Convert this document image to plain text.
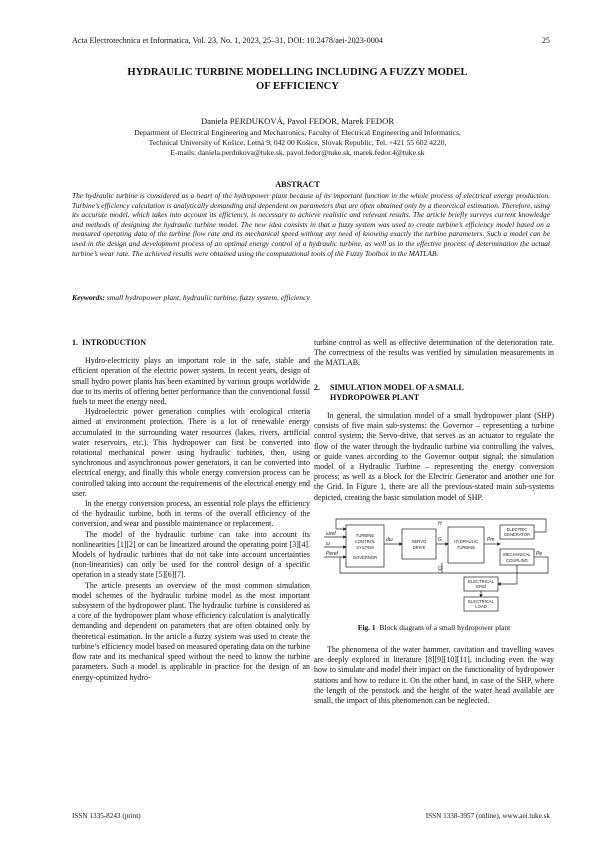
Acta Electrotechnica et Informatica, Vol. 23, No. 1, 2023, 25–31, DOI: 10.2478/aei-2023-0004	25
HYDRAULIC TURBINE MODELLING INCLUDING A FUZZY MODEL
OF EFFICIENCY
Daniela PERDUKOVÁ, Pavol FEDOR, Marek FEDOR
Department of Electrical Engineering and Mechatronics, Faculty of Electrical Engineering and Informatics,
Technical University of Košice, Letná 9, 042 00 Košice, Slovak Republic, Tel. +421 55 602 4220,
E-mails: daniela.perdukova@tuke.sk, pavol.fedor@tuke.sk, marek.fedor.4@tuke.sk
ABSTRACT
The hydraulic turbine is considered as a heart of the hydropower plant because of its important function in the whole process of electrical energy production. Turbine’s efficiency calculation is analytically demanding and dependent on parameters that are often obtained only by a theoretical estimation. Therefore, using its accurate model, which takes into account its efficiency, is necessary to achieve realistic and relevant results. The article briefly surveys current knowledge and methods of designing the hydraulic turbine model. The new idea consists in that a fuzzy system was used to create turbine’s efficiency model based on a measured operating data of the turbine flow rate and its mechanical speed without any need of knowing exactly the turbine parameters. Such a model can be used in the design and development process of an optimal energy control of a hydraulic turbine, as well as in the effective process of determination the actual turbine’s wear rate. The achieved results were obtained using the computational tools of the Fuzzy Toolbox in the MATLAB.
Keywords: small hydropower plant, hydraulic turbine, fuzzy system, efficiency
1. INTRODUCTION

Hydro-electricity plays an important role in the safe, stable and efficient operation of the electric power system. In recent years, design of small hydro power plants has been examined by various groups worldwide due to its merits of offering better performance than the conventional fossil fuels to meet the energy need.

Hydroelectric power generation complies with ecological criteria aimed at environment protection. There is a lot of renewable energy accumulated in the surrounding water resources (lakes, rivers, artificial water reservoirs, etc.). This hydropower can first be converted into rotational mechanical power using hydraulic turbines, then, using synchronous and asynchronous power generators, it can be converted into electrical energy, and finally this whole energy conversion process can be controlled taking into account the requirements of the electrical energy end user.

In the energy conversion process, an essential role plays the efficiency of the hydraulic turbine, both in terms of the overall efficiency of the conversion, and wear and possible maintenance or replacement.

The model of the hydraulic turbine can take into account its nonlinearities [1][2] or can be linearized around the operating point [3][4]. Models of hydraulic turbines that do not take into account uncertainties (non-linearities) can only be used for the control design of a specific operation in a steady state [5][6][7].

The article presents an overview of the most common simulation model schemes of the hydraulic turbine model as the most important subsystem of the hydropower plant. The hydraulic turbine is considered as a core of the hydropower plant whose efficiency calculation is analytically demanding and dependent on parameters that are often obtained only by theoretical estimation. In the article a fuzzy system was used to create the turbine’s efficiency model based on measured operating data on the turbine flow rate and its mechanical speed without the need to know the turbine parameters. Such a model is applicable in practice for the design of an energy-optimized hydro-

turbine control as well as effective determination of the deterioration rate. The correctness of the results was verified by simulation measurements in the MATLAB.

2. SIMULATION MODEL OF A SMALL
HYDROPOWER PLANT

In general, the simulation model of a small hydropower plant (SHP) consists of five main sub-systems: the Governor – representing a turbine control system; the Servo-drive, that serves as an actuator to regulate the flow of the water through the hydraulic turbine via controlling the valves, or guide vanes according to the Governor output signal; the simulation model of a Hydraulic Turbine – representing the energy conversion process; as well as a block for the Electric Generator and another one for the Grid. In Figure 1, there are all the previous-stated main sub-systems depicted, creating the basic simulation model of SHP.

TURBINE
CONTROL
SYSTEM
GOVERNOR
SERVO
DRIVE
HYDRAULIC
TURBINE
ELECTRIC
GENERATOR
MECHANICAL
COUPLING
ELECTRICAL
GRID
ELECTRICAL
LOAD
ωref
ω
Peref
dω	G	Pm
H
Q
Pe
Fig. 1 Block diagram of a small hydropower plant

The phenomena of the water hammer, cavitation and travelling waves are deeply explored in literature [8][9][10][11], including even the way how to simulate and model their impact on the functionality of hydropower stations and how to reduce it. On the other hand, in case of the SHP, where the length of the penstock and the height of the water head available are small, the impact of this phenomenon can be neglected.

ISSN 1335-8243 (print)	ISSN 1338-3957 (online), www.aei.tuke.sk
